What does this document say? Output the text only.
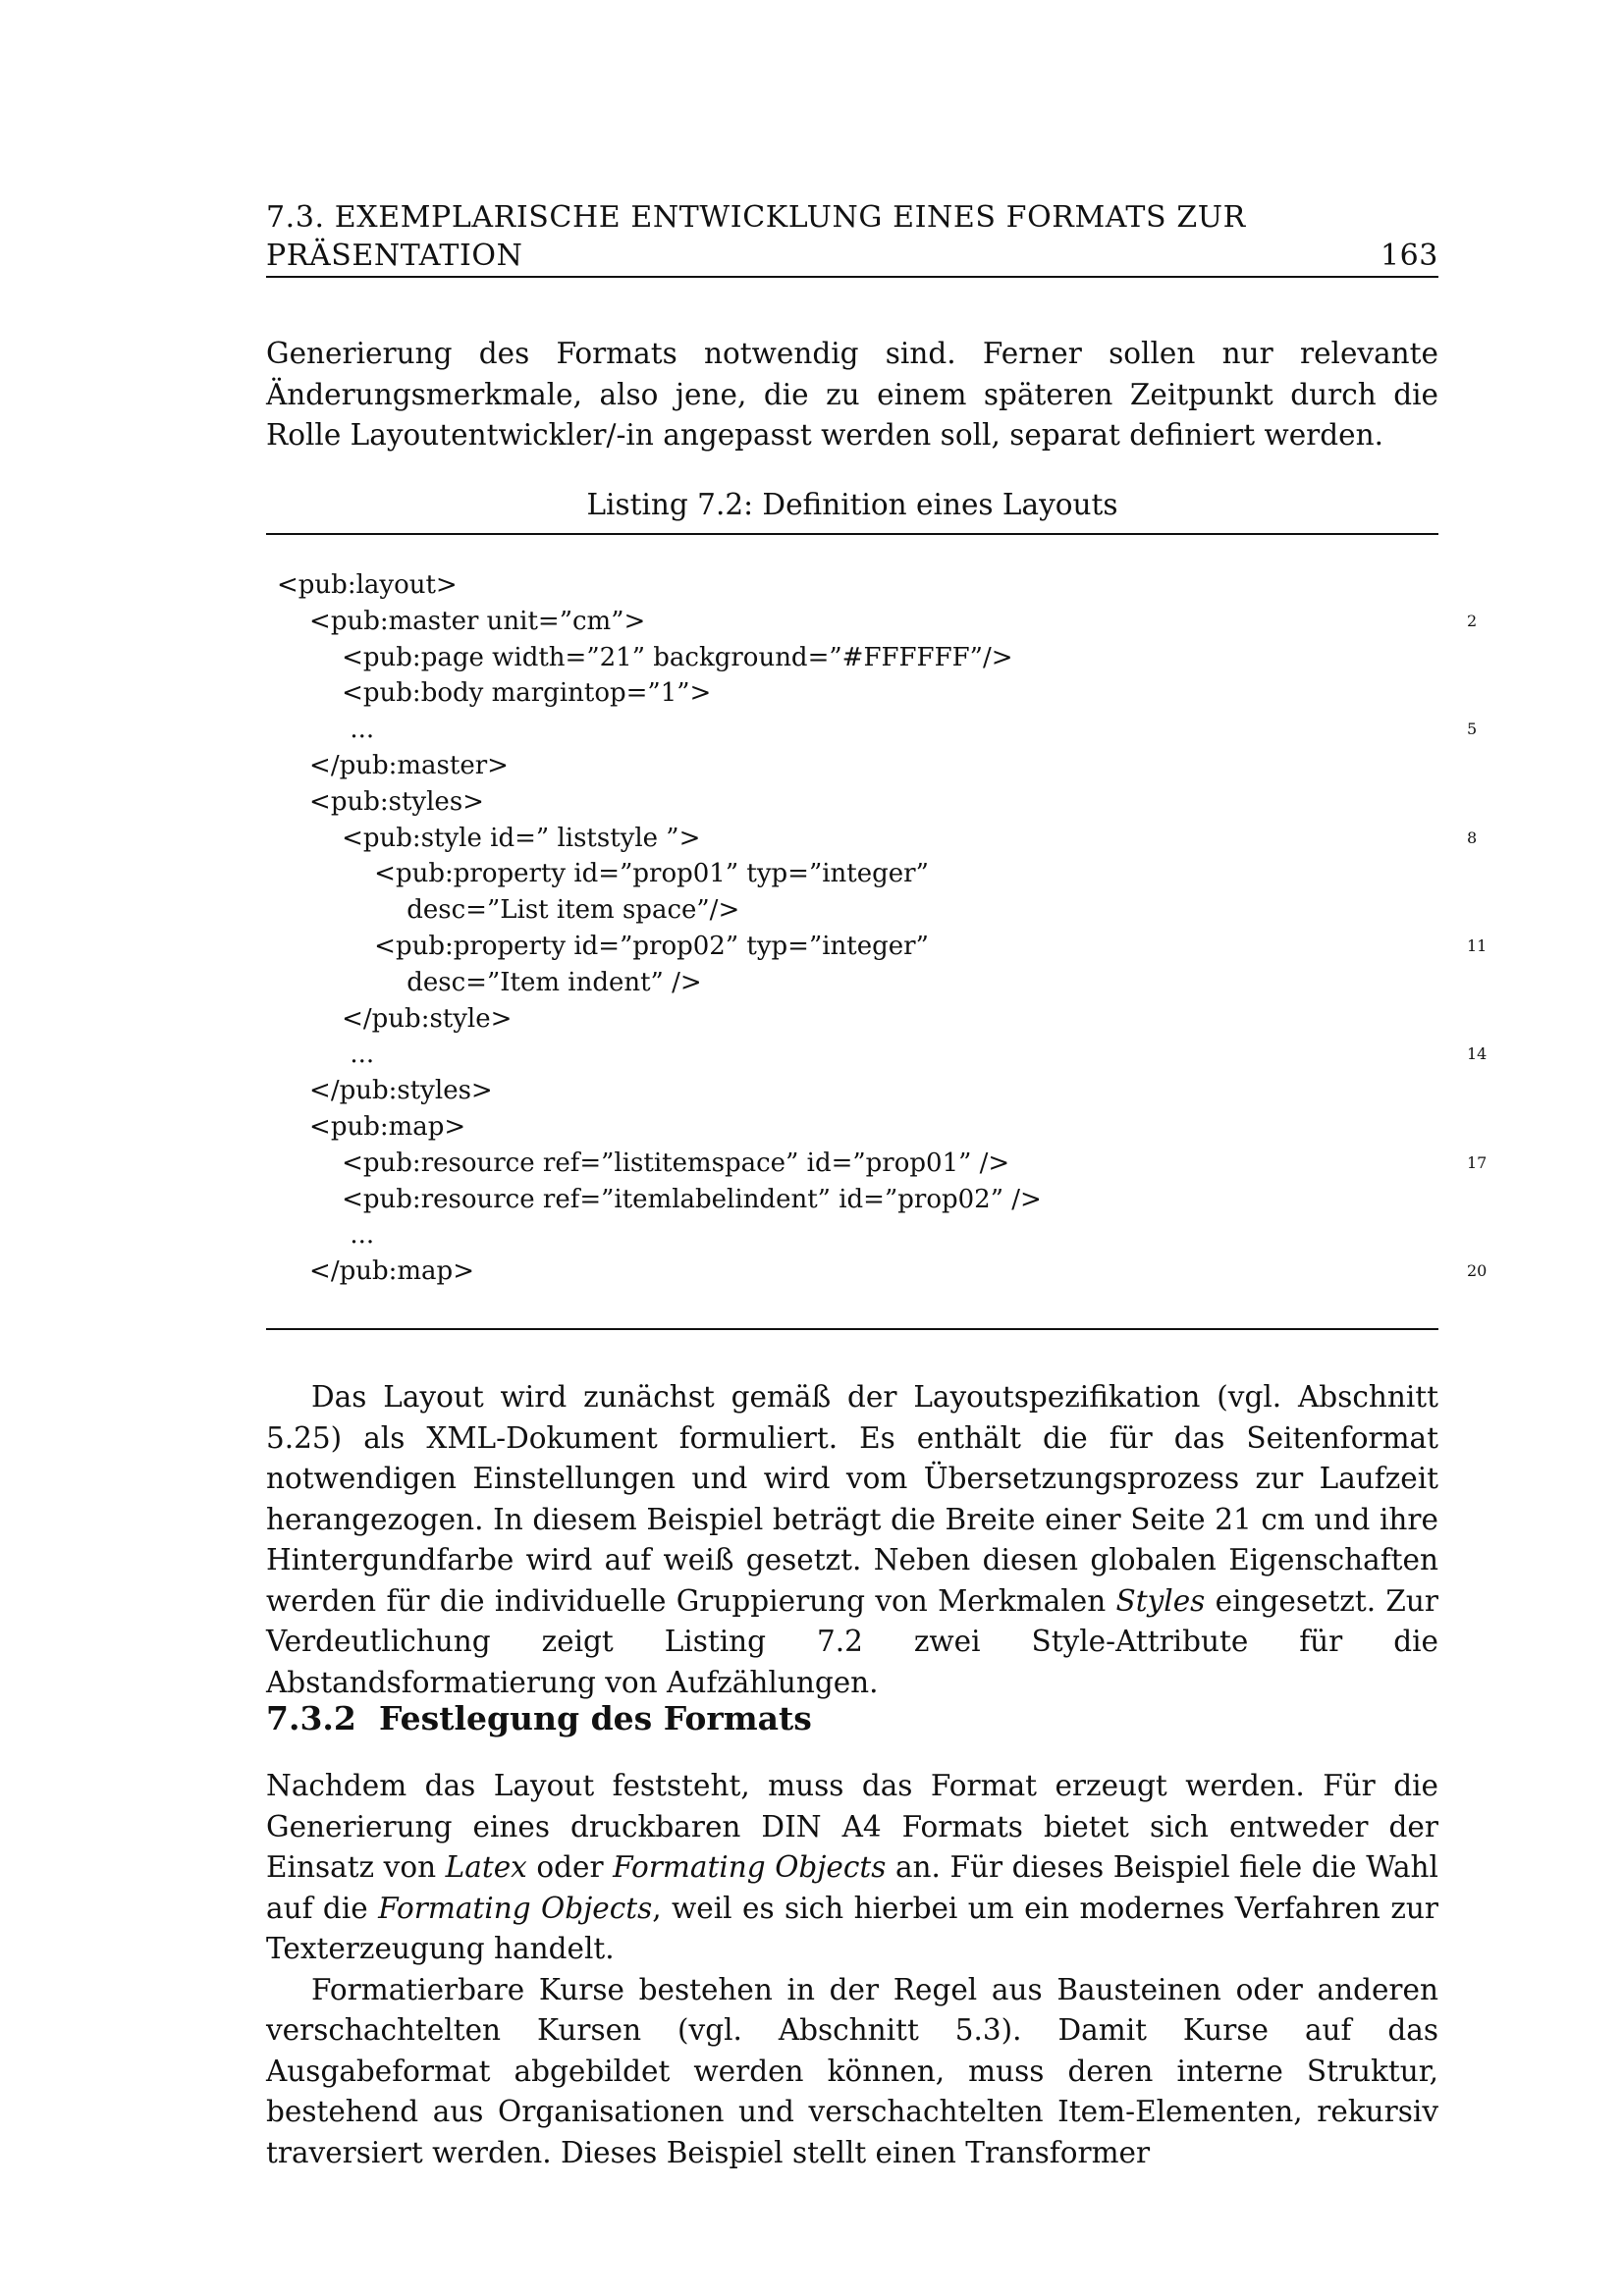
7.3. EXEMPLARISCHE ENTWICKLUNG EINES FORMATS ZUR
PRÄSENTATION	163

Generierung des Formats notwendig sind. Ferner sollen nur relevante Änderungsmerkmale, also jene, die zu einem späteren Zeitpunkt durch die Rolle Layoutentwickler/-in angepasst werden soll, separat definiert werden.

Listing 7.2: Definition eines Layouts
<pub:layout>
<pub:master unit=”cm”>	2
<pub:page width=”21” background=”#FFFFFF”/>
<pub:body margintop=”1”>
...	5
</pub:master>
<pub:styles>
<pub:style id=” liststyle ”>	8
<pub:property id=”prop01” typ=”integer”
desc=”List item space”/>
<pub:property id=”prop02” typ=”integer”	11
desc=”Item indent” />
</pub:style>
...	14
</pub:styles>
<pub:map>
<pub:resource ref=”listitemspace” id=”prop01” />	17
<pub:resource ref=”itemlabelindent” id=”prop02” />
...
</pub:map>	20

Das Layout wird zunächst gemäß der Layoutspezifikation (vgl. Abschnitt 5.25) als XML-Dokument formuliert. Es enthält die für das Seitenformat notwendigen Einstellungen und wird vom Übersetzungsprozess zur Laufzeit herangezogen. In diesem Beispiel beträgt die Breite einer Seite 21 cm und ihre Hintergundfarbe wird auf weiß gesetzt. Neben diesen globalen Eigenschaften werden für die individuelle Gruppierung von Merkmalen Styles eingesetzt. Zur Verdeutlichung zeigt Listing 7.2 zwei Style-Attribute für die Abstandsformatierung von Aufzählungen.

7.3.2 Festlegung des Formats

Nachdem das Layout feststeht, muss das Format erzeugt werden. Für die Generierung eines druckbaren DIN A4 Formats bietet sich entweder der Einsatz von Latex oder Formating Objects an. Für dieses Beispiel fiele die Wahl auf die Formating Objects, weil es sich hierbei um ein modernes Verfahren zur Texterzeugung handelt.

Formatierbare Kurse bestehen in der Regel aus Bausteinen oder anderen verschachtelten Kursen (vgl. Abschnitt 5.3). Damit Kurse auf das Ausgabeformat abgebildet werden können, muss deren interne Struktur, bestehend aus Organisationen und verschachtelten Item-Elementen, rekursiv traversiert werden. Dieses Beispiel stellt einen Transformer
